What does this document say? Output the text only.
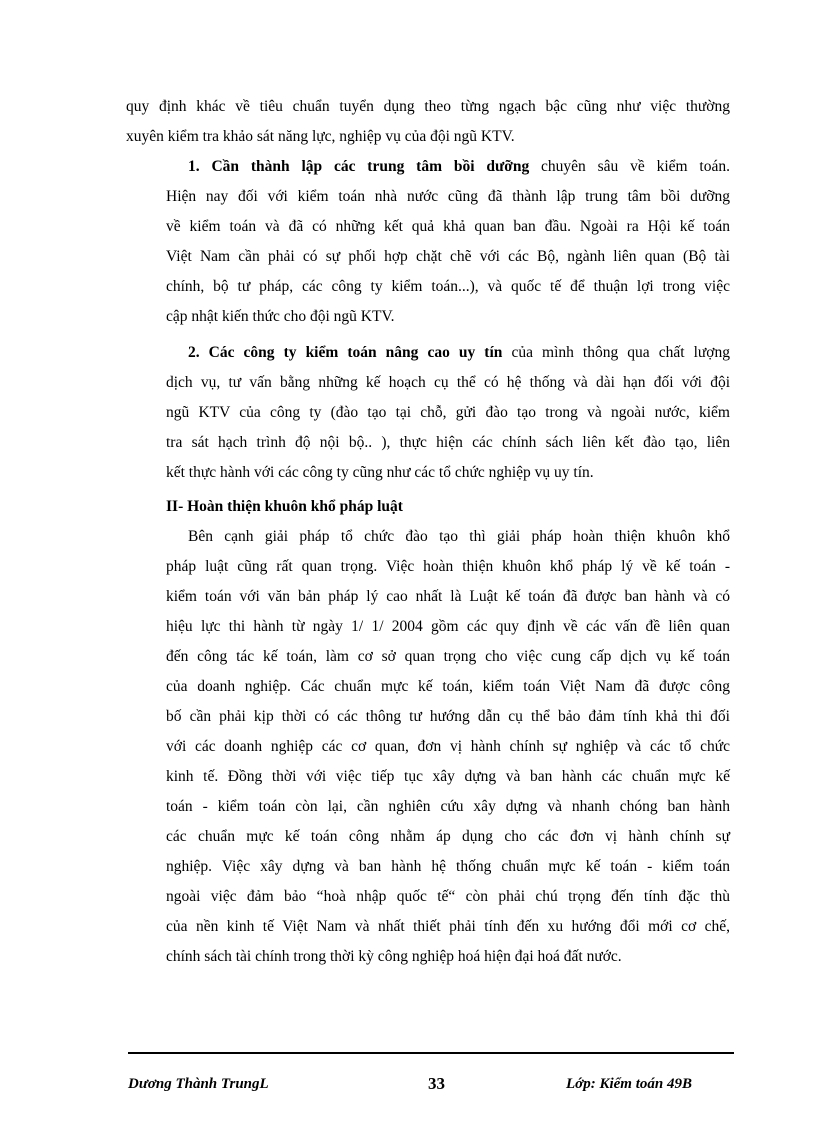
quy định khác về tiêu chuẩn tuyển dụng theo từng ngạch bậc cũng như việc thường
xuyên kiểm tra khảo sát năng lực, nghiệp vụ của đội ngũ KTV.
1. Cần thành lập các trung tâm bồi dưỡng chuyên sâu về kiểm toán.
Hiện nay đối với kiểm toán nhà nước cũng đã thành lập trung tâm bồi dưỡng
về kiểm toán và đã có những kết quả khả quan ban đầu. Ngoài ra Hội kế toán
Việt Nam cần phải có sự phối hợp chặt chẽ với các Bộ, ngành liên quan (Bộ tài
chính, bộ tư pháp, các công ty kiểm toán...), và quốc tế để thuận lợi trong việc
cập nhật kiến thức cho đội ngũ KTV.
2. Các công ty kiểm toán nâng cao uy tín của mình thông qua chất lượng
dịch vụ, tư vấn bằng những kế hoạch cụ thể có hệ thống và dài hạn đối với đội
ngũ KTV của công ty (đào tạo tại chỗ, gửi đào tạo trong và ngoài nước, kiểm
tra sát hạch trình độ nội bộ.. ), thực hiện các chính sách liên kết đào tạo, liên
kết thực hành với các công ty cũng như các tổ chức nghiệp vụ uy tín.
II- Hoàn thiện khuôn khổ pháp luật
Bên cạnh giải pháp tổ chức đào tạo thì giải pháp hoàn thiện khuôn khổ
pháp luật cũng rất quan trọng. Việc hoàn thiện khuôn khổ pháp lý về kế toán -
kiểm toán với văn bản pháp lý cao nhất là Luật kế toán đã được ban hành và có
hiệu lực thi hành từ ngày 1/ 1/ 2004 gồm các quy định về các vấn đề liên quan
đến công tác kế toán, làm cơ sở quan trọng cho việc cung cấp dịch vụ kế toán
của doanh nghiệp. Các chuẩn mực kế toán, kiểm toán Việt Nam đã được công
bố cần phải kịp thời có các thông tư hướng dẫn cụ thể bảo đảm tính khả thi đối
với các doanh nghiệp các cơ quan, đơn vị hành chính sự nghiệp và các tổ chức
kinh tế. Đồng thời với việc tiếp tục xây dựng và ban hành các chuẩn mực kế
toán - kiểm toán còn lại, cần nghiên cứu xây dựng và nhanh chóng ban hành
các chuẩn mực kế toán công nhằm áp dụng cho các đơn vị hành chính sự
nghiệp. Việc xây dựng và ban hành hệ thống chuẩn mực kế toán - kiểm toán
ngoài việc đảm bảo “hoà nhập quốc tế“ còn phải chú trọng đến tính đặc thù
của nền kinh tế Việt Nam và nhất thiết phải tính đến xu hướng đổi mới cơ chế,
chính sách tài chính trong thời kỳ công nghiệp hoá hiện đại hoá đất nước.
Dương Thành TrungL	33	Lớp: Kiểm toán 49B
